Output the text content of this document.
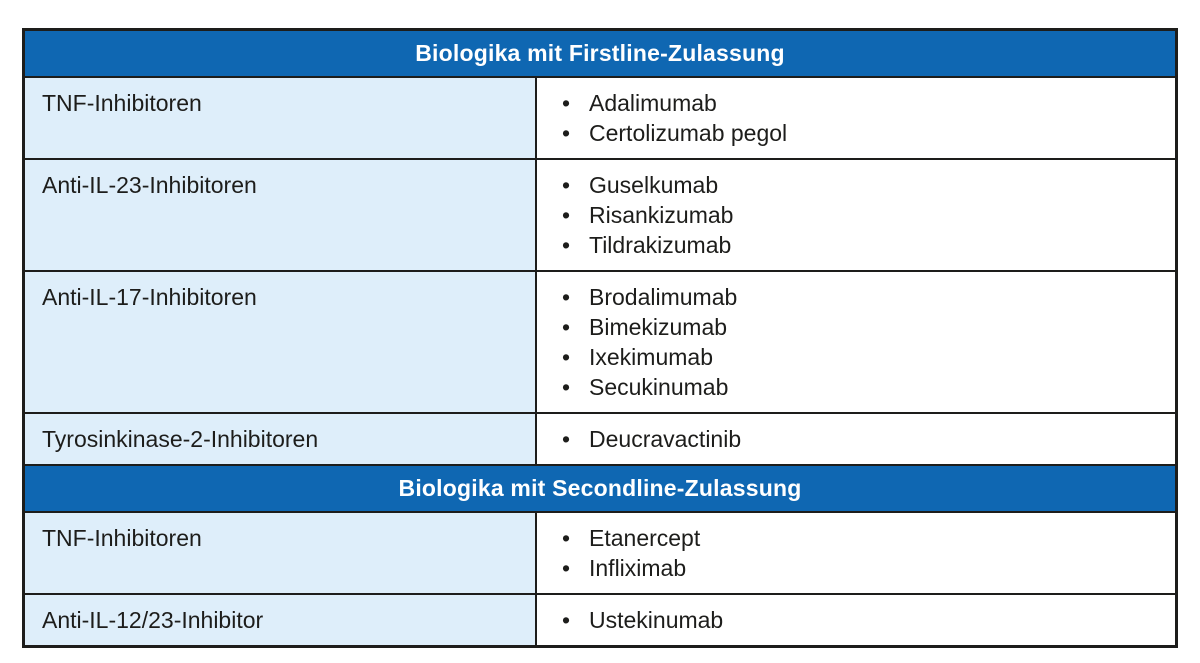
Biologika mit Firstline-Zulassung
TNF-Inhibitoren	• Adalimumab
• Certolizumab pegol
Anti-IL-23-Inhibitoren	• Guselkumab
• Risankizumab
• Tildrakizumab
Anti-IL-17-Inhibitoren	• Brodalimumab
• Bimekizumab
• Ixekimumab
• Secukinumab
Tyrosinkinase-2-Inhibitoren	• Deucravactinib
Biologika mit Secondline-Zulassung
TNF-Inhibitoren	• Etanercept
• Infliximab
Anti-IL-12/23-Inhibitor	• Ustekinumab
